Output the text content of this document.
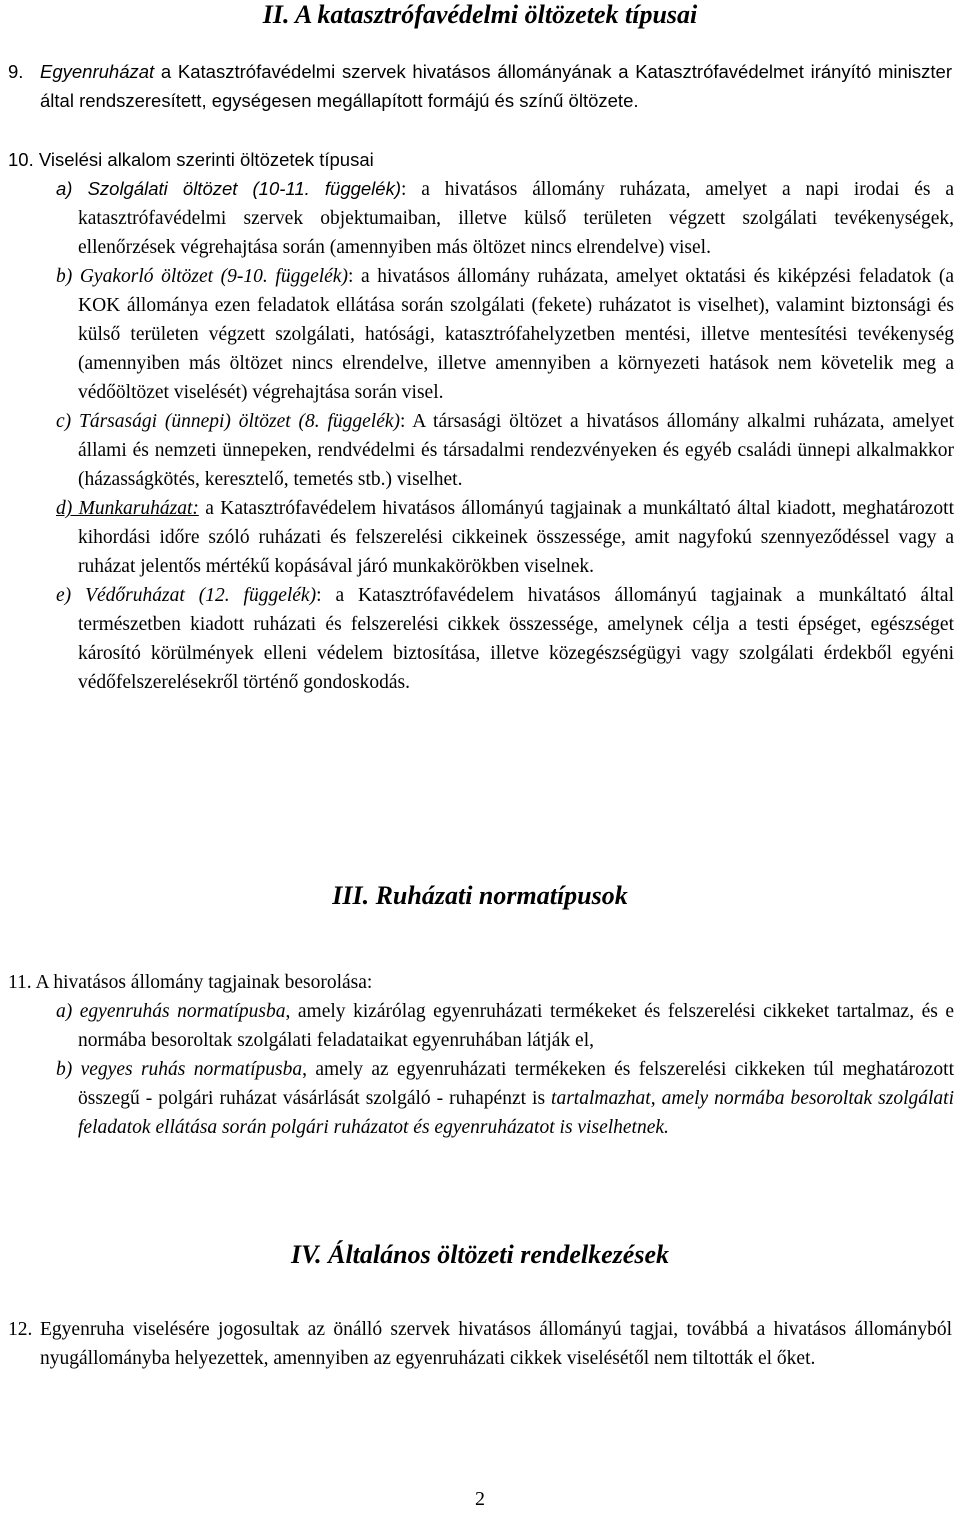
II. A katasztrófavédelmi öltözetek típusai
9. Egyenruházat a Katasztrófavédelmi szervek hivatásos állományának a Katasztrófavédelmet irányító miniszter által rendszeresített, egységesen megállapított formájú és színű öltözete.
10. Viselési alkalom szerinti öltözetek típusai

a) Szolgálati öltözet (10-11. függelék): a hivatásos állomány ruházata, amelyet a napi irodai és a katasztrófavédelmi szervek objektumaiban, illetve külső területen végzett szolgálati tevékenységek, ellenőrzések végrehajtása során (amennyiben más öltözet nincs elrendelve) visel.

b) Gyakorló öltözet (9-10. függelék): a hivatásos állomány ruházata, amelyet oktatási és kiképzési feladatok (a KOK állománya ezen feladatok ellátása során szolgálati (fekete) ruházatot is viselhet), valamint biztonsági és külső területen végzett szolgálati, hatósági, katasztrófahelyzetben mentési, illetve mentesítési tevékenység (amennyiben más öltözet nincs elrendelve, illetve amennyiben a környezeti hatások nem követelik meg a védőöltözet viselését) végrehajtása során visel.

c) Társasági (ünnepi) öltözet (8. függelék): A társasági öltözet a hivatásos állomány alkalmi ruházata, amelyet állami és nemzeti ünnepeken, rendvédelmi és társadalmi rendezvényeken és egyéb családi ünnepi alkalmakkor (házasságkötés, keresztelő, temetés stb.) viselhet.

d) Munkaruházat: a Katasztrófavédelem hivatásos állományú tagjainak a munkáltató által kiadott, meghatározott kihordási időre szóló ruházati és felszerelési cikkeinek összessége, amit nagyfokú szennyeződéssel vagy a ruházat jelentős mértékű kopásával járó munkakörökben viselnek.

e) Védőruházat (12. függelék): a Katasztrófavédelem hivatásos állományú tagjainak a munkáltató által természetben kiadott ruházati és felszerelési cikkek összessége, amelynek célja a testi épséget, egészséget károsító körülmények elleni védelem biztosítása, illetve közegészségügyi vagy szolgálati érdekből egyéni védőfelszerelésekről történő gondoskodás.

III. Ruházati normatípusok
11. A hivatásos állomány tagjainak besorolása:

a) egyenruhás normatípusba, amely kizárólag egyenruházati termékeket és felszerelési cikkeket tartalmaz, és e normába besoroltak szolgálati feladataikat egyenruhában látják el,

b) vegyes ruhás normatípusba, amely az egyenruházati termékeken és felszerelési cikkeken túl meghatározott összegű - polgári ruházat vásárlását szolgáló - ruhapénzt is tartalmazhat, amely normába besoroltak szolgálati feladatok ellátása során polgári ruházatot és egyenruházatot is viselhetnek.

IV. Általános öltözeti rendelkezések
12. Egyenruha viselésére jogosultak az önálló szervek hivatásos állományú tagjai, továbbá a hivatásos állományból nyugállományba helyezettek, amennyiben az egyenruházati cikkek viselésétől nem tiltották el őket.
2
